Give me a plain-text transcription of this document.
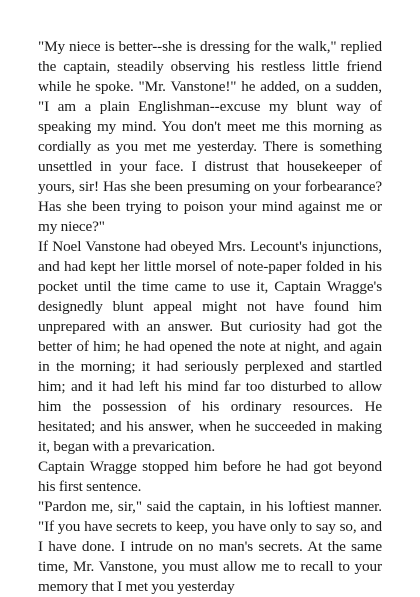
"My niece is better--she is dressing for the walk," replied the captain, steadily observing his restless little friend while he spoke. "Mr. Vanstone!" he added, on a sudden, "I am a plain Englishman--excuse my blunt way of speaking my mind. You don't meet me this morning as cordially as you met me yesterday. There is something unsettled in your face. I distrust that housekeeper of yours, sir! Has she been presuming on your forbearance? Has she been trying to poison your mind against me or my niece?"

If Noel Vanstone had obeyed Mrs. Lecount's injunctions, and had kept her little morsel of note-paper folded in his pocket until the time came to use it, Captain Wragge's designedly blunt appeal might not have found him unprepared with an answer. But curiosity had got the better of him; he had opened the note at night, and again in the morning; it had seriously perplexed and startled him; and it had left his mind far too disturbed to allow him the possession of his ordinary resources. He hesitated; and his answer, when he succeeded in making it, began with a prevarication.

Captain Wragge stopped him before he had got beyond his first sentence.

"Pardon me, sir," said the captain, in his loftiest manner. "If you have secrets to keep, you have only to say so, and I have done. I intrude on no man's secrets. At the same time, Mr. Vanstone, you must allow me to recall to your memory that I met you yesterday
